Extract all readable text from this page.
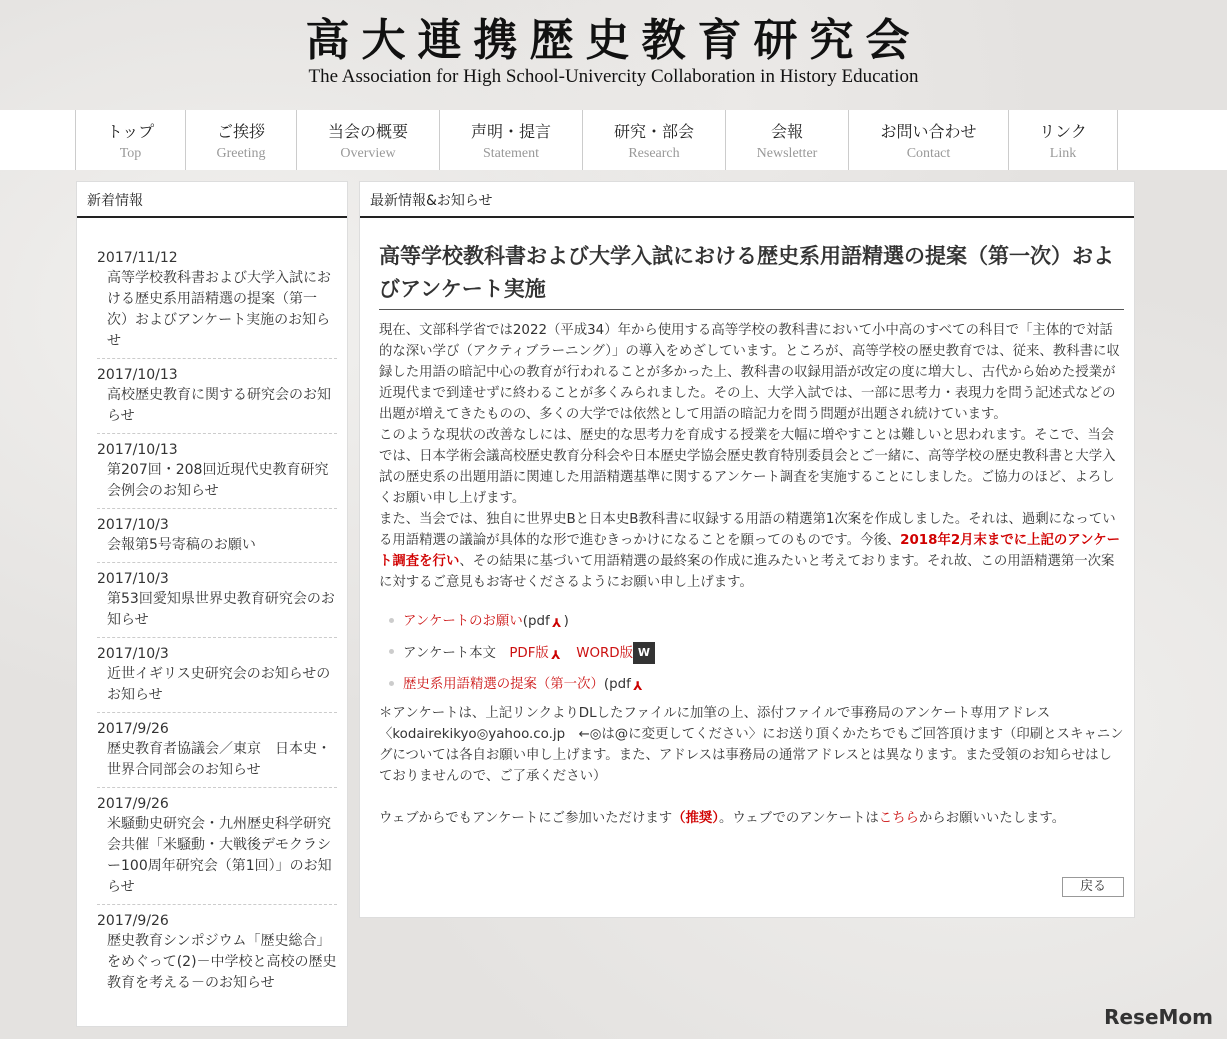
高大連携歴史教育研究会
The Association for High School-Univercity Collaboration in History Education
トップ
Top
ご挨拶
Greeting
当会の概要
Overview
声明・提言
Statement
研究・部会
Research
会報
Newsletter
お問い合わせ
Contact
リンク
Link
新着情報
2017/11/12
高等学校教科書および大学入試における歴史系用語精選の提案（第一次）およびアンケート実施のお知らせ
2017/10/13
高校歴史教育に関する研究会のお知らせ
2017/10/13
第207回・208回近現代史教育研究会例会のお知らせ
2017/10/3
会報第5号寄稿のお願い
2017/10/3
第53回愛知県世界史教育研究会のお知らせ
2017/10/3
近世イギリス史研究会のお知らせのお知らせ
2017/9/26
歴史教育者協議会／東京　日本史・世界合同部会のお知らせ
2017/9/26
米騒動史研究会・九州歴史科学研究会共催「米騒動・大戦後デモクラシー100周年研究会（第1回）」のお知らせ
2017/9/26
歴史教育シンポジウム「歴史総合」をめぐって(2)－中学校と高校の歴史教育を考える－のお知らせ
最新情報&お知らせ
高等学校教科書および大学入試における歴史系用語精選の提案（第一次）およびアンケート実施

現在、文部科学省では2022（平成34）年から使用する高等学校の教科書において小中高のすべての科目で「主体的で対話的な深い学び（アクティブラーニング）」の導入をめざしています。ところが、高等学校の歴史教育では、従来、教科書に収録した用語の暗記中心の教育が行われることが多かった上、教科書の収録用語が改定の度に増大し、古代から始めた授業が近現代まで到達せずに終わることが多くみられました。その上、大学入試では、一部に思考力・表現力を問う記述式などの出題が増えてきたものの、多くの大学では依然として用語の暗記力を問う問題が出題され続けています。

このような現状の改善なしには、歴史的な思考力を育成する授業を大幅に増やすことは難しいと思われます。そこで、当会では、日本学術会議高校歴史教育分科会や日本歴史学協会歴史教育特別委員会とご一緒に、高等学校の歴史教科書と大学入試の歴史系の出題用語に関連した用語精選基準に関するアンケート調査を実施することにしました。ご協力のほど、よろしくお願い申し上げます。

また、当会では、独自に世界史Bと日本史B教科書に収録する用語の精選第1次案を作成しました。それは、過剰になっている用語精選の議論が具体的な形で進むきっかけになることを願ってのものです。今後、2018年2月末までに上記のアンケート調査を行い、その結果に基づいて用語精選の最終案の作成に進みたいと考えております。それ故、この用語精選第一次案に対するご意見もお寄せくださるようにお願い申し上げます。

アンケートのお願い(pdf ⅄ )
アンケート本文　PDF版 ⅄　 WORD版 W
歴史系用語精選の提案（第一次）(pdf ⅄

＊アンケートは、上記リンクよりDLしたファイルに加筆の上、添付ファイルで事務局のアンケート専用アドレス〈kodairekikyo◎yahoo.co.jp　←◎は@に変更してください〉にお送り頂くかたちでもご回答頂けます（印刷とスキャニングについては各自お願い申し上げます。また、アドレスは事務局の通常アドレスとは異なります。また受領のお知らせはしておりませんので、ご了承ください）

ウェブからでもアンケートにご参加いただけます（推奨）。ウェブでのアンケートはこちらからお願いいたします。

戻る
ReseMom
